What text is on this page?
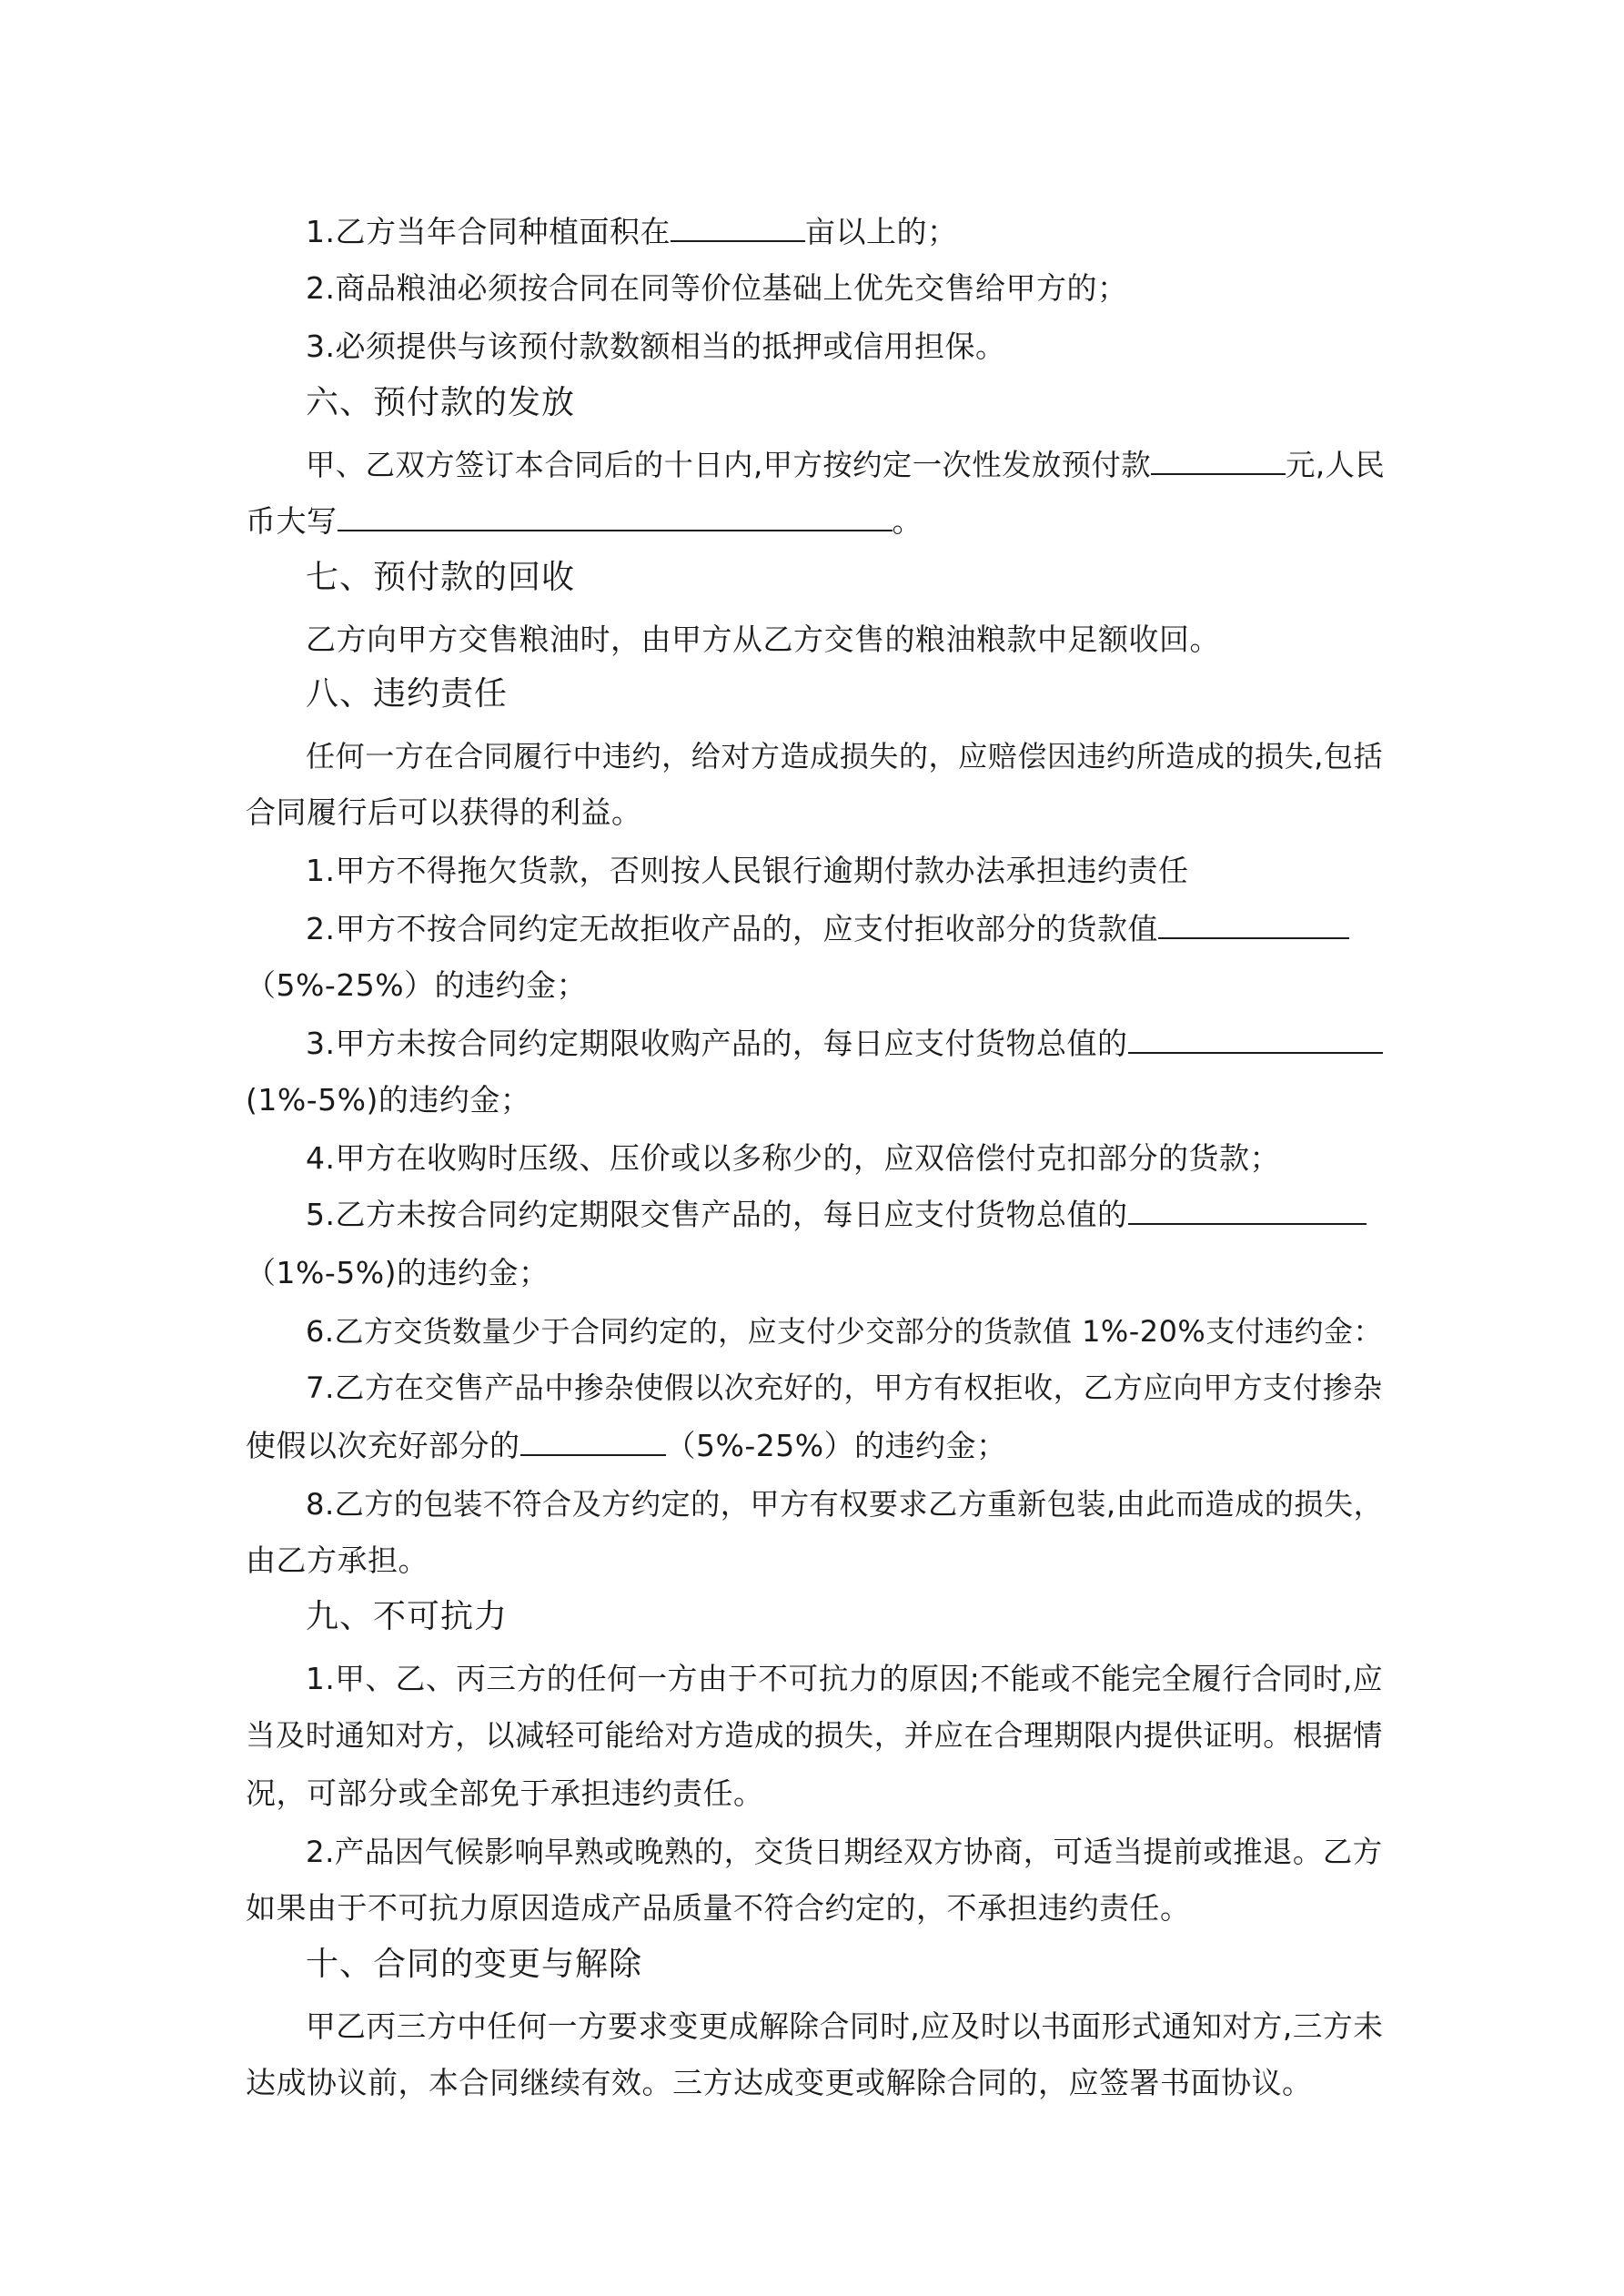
1.乙方当年合同种植面积在	亩以上的；
2.商品粮油必须按合同在同等价位基础上优先交售给甲方的；
3.必须提供与该预付款数额相当的抵押或信用担保。
六、预付款的发放
甲、乙双方签订本合同后的十日内,甲方按约定一次性发放预付款	元,人民
币大写	。
七、预付款的回收
乙方向甲方交售粮油时，由甲方从乙方交售的粮油粮款中足额收回。
八、违约责任
任何一方在合同履行中违约，给对方造成损失的，应赔偿因违约所造成的损失,包括
合同履行后可以获得的利益。
1.甲方不得拖欠货款，否则按人民银行逾期付款办法承担违约责任
2.甲方不按合同约定无故拒收产品的，应支付拒收部分的货款值
（5%-25%）的违约金；
3.甲方未按合同约定期限收购产品的，每日应支付货物总值的
(1%-5%)的违约金；
4.甲方在收购时压级、压价或以多称少的，应双倍偿付克扣部分的货款；
5.乙方未按合同约定期限交售产品的，每日应支付货物总值的
（1%-5%)的违约金；
6.乙方交货数量少于合同约定的，应支付少交部分的货款值 1%-20%支付违约金：
7.乙方在交售产品中掺杂使假以次充好的，甲方有权拒收，乙方应向甲方支付掺杂
使假以次充好部分的	（5%-25%）的违约金；
8.乙方的包装不符合及方约定的，甲方有权要求乙方重新包装,由此而造成的损失，
由乙方承担。
九、不可抗力
1.甲、乙、丙三方的任何一方由于不可抗力的原因;不能或不能完全履行合同时,应
当及时通知对方，以减轻可能给对方造成的损失，并应在合理期限内提供证明。根据情
况，可部分或全部免于承担违约责任。
2.产品因气候影响早熟或晚熟的，交货日期经双方协商，可适当提前或推退。乙方
如果由于不可抗力原因造成产品质量不符合约定的，不承担违约责任。
十、合同的变更与解除
甲乙丙三方中任何一方要求变更成解除合同时,应及时以书面形式通知对方,三方未
达成协议前，本合同继续有效。三方达成变更或解除合同的，应签署书面协议。
